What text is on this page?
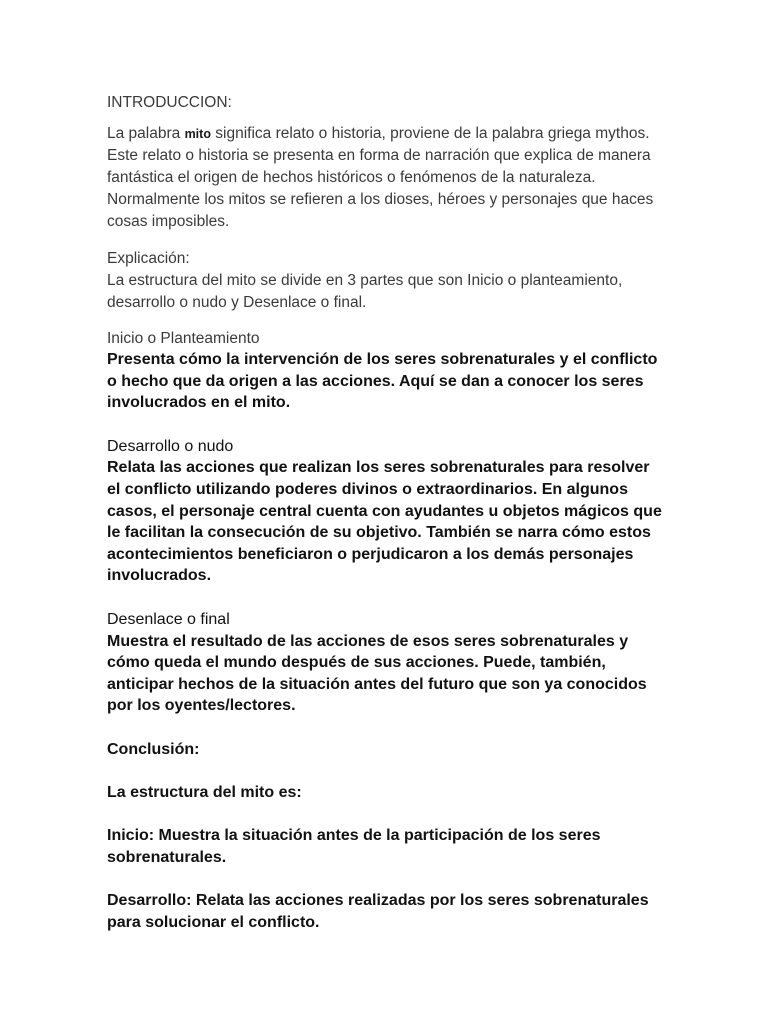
INTRODUCCION:

La palabra mito significa relato o historia, proviene de la palabra griega mythos. Este relato o historia se presenta en forma de narración que explica de manera fantástica el origen de hechos históricos o fenómenos de la naturaleza. Normalmente los mitos se refieren a los dioses, héroes y personajes que haces cosas imposibles.

Explicación:

La estructura del mito se divide en 3 partes que son Inicio o planteamiento, desarrollo o nudo y Desenlace o final.

Inicio o Planteamiento

Presenta cómo la intervención de los seres sobrenaturales y el conflicto o hecho que da origen a las acciones. Aquí se dan a conocer los seres involucrados en el mito.

Desarrollo o nudo

Relata las acciones que realizan los seres sobrenaturales para resolver el conflicto utilizando poderes divinos o extraordinarios. En algunos casos, el personaje central cuenta con ayudantes u objetos mágicos que le facilitan la consecución de su objetivo. También se narra cómo estos acontecimientos beneficiaron o perjudicaron a los demás personajes involucrados.

Desenlace o final

Muestra el resultado de las acciones de esos seres sobrenaturales y cómo queda el mundo después de sus acciones. Puede, también, anticipar hechos de la situación antes del futuro que son ya conocidos por los oyentes/lectores.

Conclusión:

La estructura del mito es:

Inicio: Muestra la situación antes de la participación de los seres sobrenaturales.

Desarrollo: Relata las acciones realizadas por los seres sobrenaturales para solucionar el conflicto.
